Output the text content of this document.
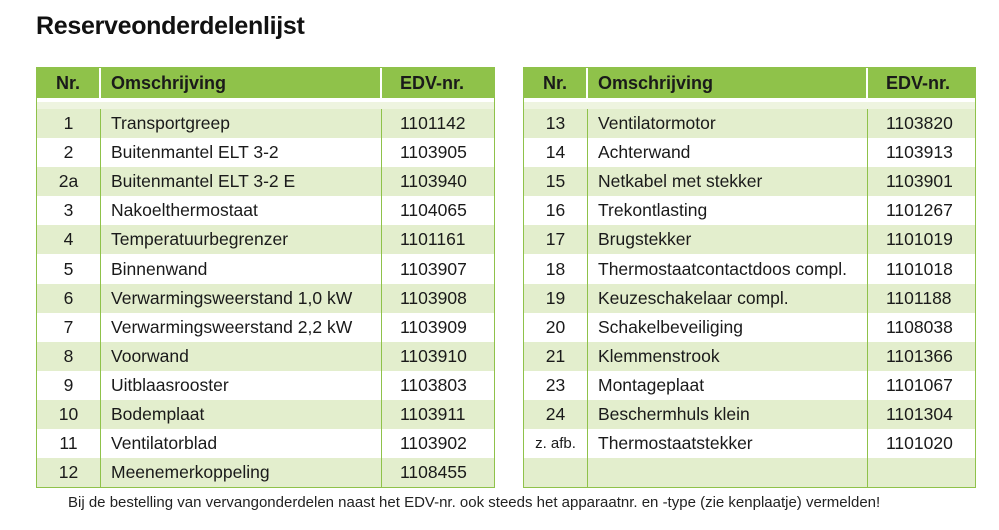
Reserveonderdelenlijst
Nr.	Omschrijving	EDV-nr.
1	Transportgreep	1101142
2	Buitenmantel ELT 3-2	1103905
2a	Buitenmantel ELT 3-2 E	1103940
3	Nakoelthermostaat	1104065
4	Temperatuurbegrenzer	1101161
5	Binnenwand	1103907
6	Verwarmingsweerstand 1,0 kW	1103908
7	Verwarmingsweerstand 2,2 kW	1103909
8	Voorwand	1103910
9	Uitblaasrooster	1103803
10	Bodemplaat	1103911
11	Ventilatorblad	1103902
12	Meenemerkoppeling	1108455
Nr.	Omschrijving	EDV-nr.
13	Ventilatormotor	1103820
14	Achterwand	1103913
15	Netkabel met stekker	1103901
16	Trekontlasting	1101267
17	Brugstekker	1101019
18	Thermostaatcontactdoos compl.	1101018
19	Keuzeschakelaar compl.	1101188
20	Schakelbeveiliging	1108038
21	Klemmenstrook	1101366
23	Montageplaat	1101067
24	Beschermhuls klein	1101304
z. afb.	Thermostaatstekker	1101020
Bij de bestelling van vervangonderdelen naast het EDV-nr. ook steeds het apparaatnr. en -type (zie kenplaatje) vermelden!
